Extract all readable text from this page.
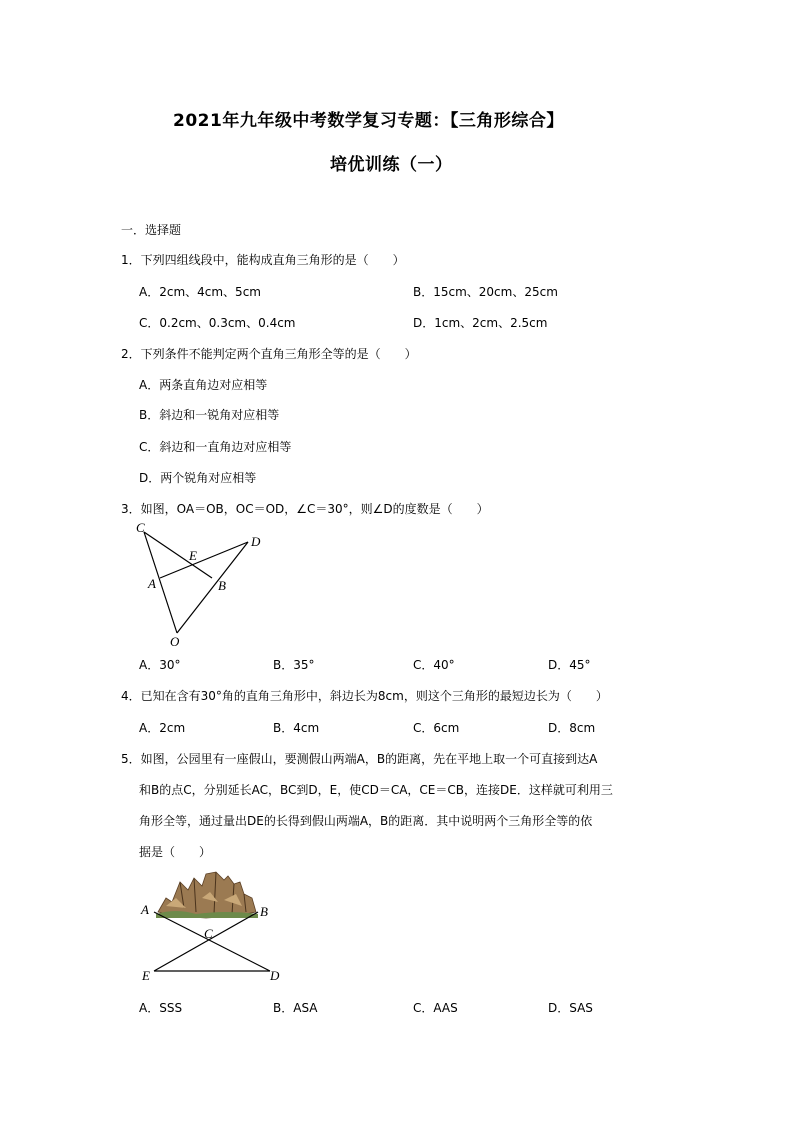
2021年九年级中考数学复习专题：【三角形综合】
培优训练（一）
一．选择题
1．下列四组线段中，能构成直角三角形的是（　　）
A．2cm、4cm、5cm	B．15cm、20cm、25cm
C．0.2cm、0.3cm、0.4cm	D．1cm、2cm、2.5cm
2．下列条件不能判定两个直角三角形全等的是（　　）
A．两条直角边对应相等
B．斜边和一锐角对应相等
C．斜边和一直角边对应相等
D．两个锐角对应相等
3．如图，OA＝OB，OC＝OD，∠C＝30°，则∠D的度数是（　　）
C
E
D
A	B
O
A．30°	B．35°	C．40°	D．45°
4．已知在含有30°角的直角三角形中，斜边长为8cm，则这个三角形的最短边长为（　　）
A．2cm	B．4cm	C．6cm	D．8cm
5．如图，公园里有一座假山，要测假山两端A，B的距离，先在平地上取一个可直接到达A
和B的点C，分别延长AC，BC到D，E，使CD＝CA，CE＝CB，连接DE．这样就可利用三
角形全等，通过量出DE的长得到假山两端A，B的距离．其中说明两个三角形全等的依
据是（　　）
A	B
C
E	D
A．SSS	B．ASA	C．AAS	D．SAS
